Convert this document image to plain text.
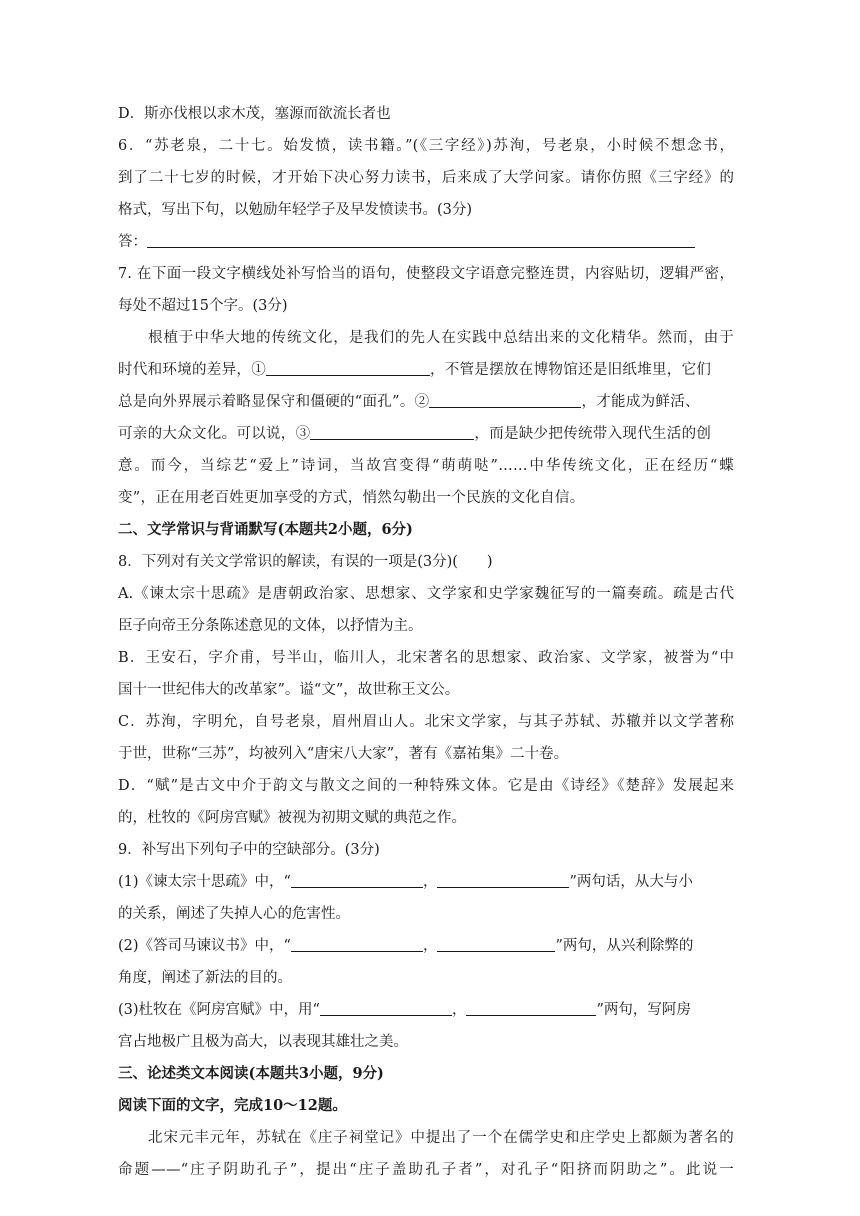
D．斯亦伐根以求木茂，塞源而欲流长者也
6．“苏老泉，二十七。始发愤，读书籍。”(《三字经》)苏洵，号老泉，小时候不想念书，
到了二十七岁的时候，才开始下决心努力读书，后来成了大学问家。请你仿照《三字经》的
格式，写出下句，以勉励年轻学子及早发愤读书。(3分)
答：
7. 在下面一段文字横线处补写恰当的语句，使整段文字语意完整连贯，内容贴切，逻辑严密，
每处不超过15个字。(3分)
根植于中华大地的传统文化，是我们的先人在实践中总结出来的文化精华。然而，由于
时代和环境的差异，①	，不管是摆放在博物馆还是旧纸堆里，它们
总是向外界展示着略显保守和僵硬的“面孔”。②	，才能成为鲜活、
可亲的大众文化。可以说，③	，而是缺少把传统带入现代生活的创
意。而今，当综艺“爱上”诗词，当故宫变得“萌萌哒”……中华传统文化，正在经历“蝶
变”，正在用老百姓更加享受的方式，悄然勾勒出一个民族的文化自信。
二、文学常识与背诵默写(本题共2小题，6分)
8．下列对有关文学常识的解读，有误的一项是(3分)(　　)
A.《谏太宗十思疏》是唐朝政治家、思想家、文学家和史学家魏征写的一篇奏疏。疏是古代
臣子向帝王分条陈述意见的文体，以抒情为主。
B．王安石，字介甫，号半山，临川人，北宋著名的思想家、政治家、文学家，被誉为“中
国十一世纪伟大的改革家”。谥“文”，故世称王文公。
C．苏洵，字明允，自号老泉，眉州眉山人。北宋文学家，与其子苏轼、苏辙并以文学著称
于世，世称“三苏”，均被列入“唐宋八大家”，著有《嘉祐集》二十卷。
D．“赋”是古文中介于韵文与散文之间的一种特殊文体。它是由《诗经》《楚辞》发展起来
的，杜牧的《阿房宫赋》被视为初期文赋的典范之作。
9．补写出下列句子中的空缺部分。(3分)
(1)《谏太宗十思疏》中，“	，	”两句话，从大与小
的关系，阐述了失掉人心的危害性。
(2)《答司马谏议书》中，“	，	”两句，从兴利除弊的
角度，阐述了新法的目的。
(3)杜牧在《阿房宫赋》中，用“	，	”两句，写阿房
宫占地极广且极为高大，以表现其雄壮之美。
三、论述类文本阅读(本题共3小题，9分)
阅读下面的文字，完成10～12题。
北宋元丰元年，苏轼在《庄子祠堂记》中提出了一个在儒学史和庄学史上都颇为著名的
命题——“庄子阴助孔子”，提出“庄子盖助孔子者”，对孔子“阳挤而阴助之”。此说一
